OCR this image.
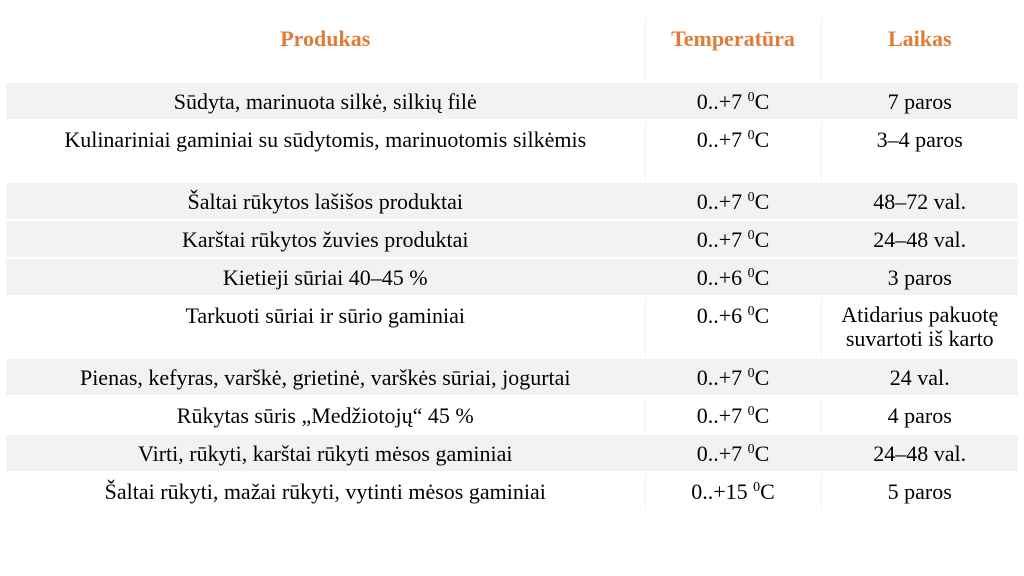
Produkas	Temperatūra	Laikas
Sūdyta, marinuota silkė, silkių filė	0..+7 $^0$C	7 paros
Kulinariniai gaminiai su sūdytomis, marinuotomis silkėmis	0..+7 $^0$C	3–4 paros
Šaltai rūkytos lašišos produktai	0..+7 $^0$C	48–72 val.
Karštai rūkytos žuvies produktai	0..+7 $^0$C	24–48 val.
Kietieji sūriai 40–45 %	0..+6 $^0$C	3 paros
Tarkuoti sūriai ir sūrio gaminiai	0..+6 $^0$C	Atidarius pakuotę suvartoti iš karto
Pienas, kefyras, varškė, grietinė, varškės sūriai, jogurtai	0..+7 $^0$C	24 val.
Rūkytas sūris „Medžiotojų“ 45 %	0..+7 $^0$C	4 paros
Virti, rūkyti, karštai rūkyti mėsos gaminiai	0..+7 $^0$C	24–48 val.
Šaltai rūkyti, mažai rūkyti, vytinti mėsos gaminiai	0..+15 $^0$C	5 paros
